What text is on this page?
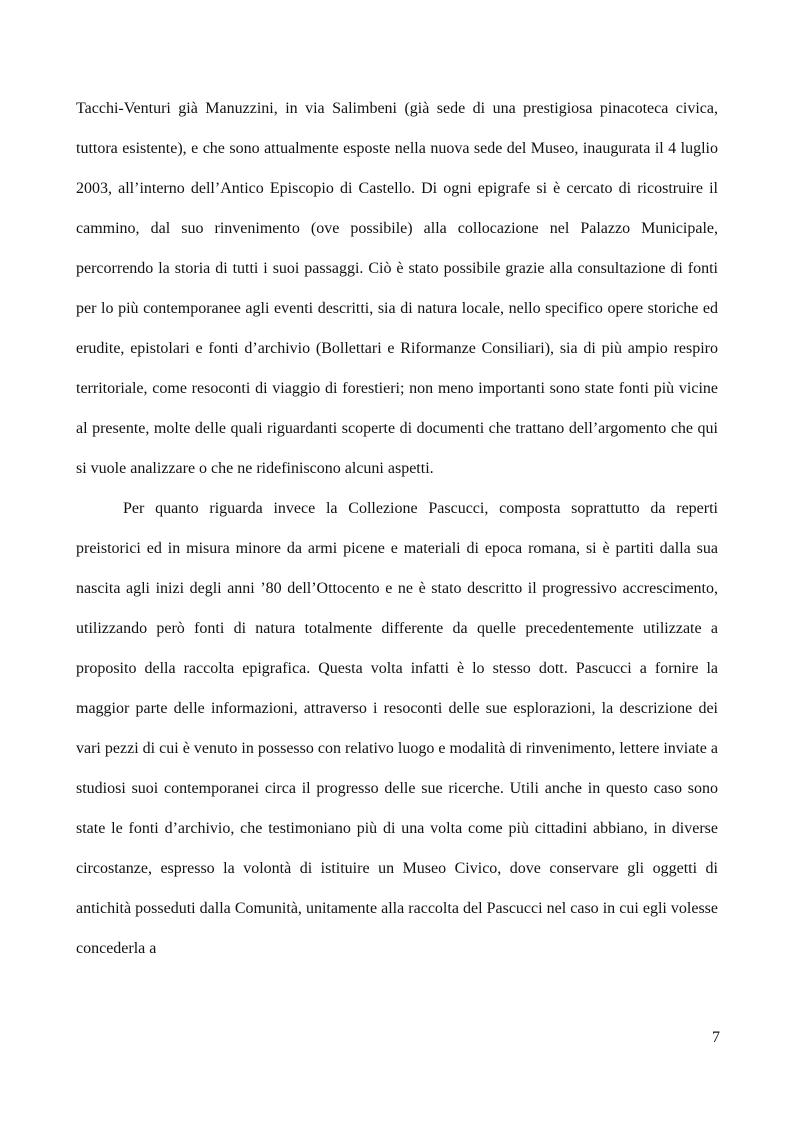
Tacchi-Venturi già Manuzzini, in via Salimbeni (già sede di una prestigiosa pinacoteca civica, tuttora esistente), e che sono attualmente esposte nella nuova sede del Museo, inaugurata il 4 luglio 2003, all’interno dell’Antico Episcopio di Castello. Di ogni epigrafe si è cercato di ricostruire il cammino, dal suo rinvenimento (ove possibile) alla collocazione nel Palazzo Municipale, percorrendo la storia di tutti i suoi passaggi. Ciò è stato possibile grazie alla consultazione di fonti per lo più contemporanee agli eventi descritti, sia di natura locale, nello specifico opere storiche ed erudite, epistolari e fonti d’archivio (Bollettari e Riformanze Consiliari), sia di più ampio respiro territoriale, come resoconti di viaggio di forestieri; non meno importanti sono state fonti più vicine al presente, molte delle quali riguardanti scoperte di documenti che trattano dell’argomento che qui si vuole analizzare o che ne ridefiniscono alcuni aspetti.

Per quanto riguarda invece la Collezione Pascucci, composta soprattutto da reperti preistorici ed in misura minore da armi picene e materiali di epoca romana, si è partiti dalla sua nascita agli inizi degli anni ’80 dell’Ottocento e ne è stato descritto il progressivo accrescimento, utilizzando però fonti di natura totalmente differente da quelle precedentemente utilizzate a proposito della raccolta epigrafica. Questa volta infatti è lo stesso dott. Pascucci a fornire la maggior parte delle informazioni, attraverso i resoconti delle sue esplorazioni, la descrizione dei vari pezzi di cui è venuto in possesso con relativo luogo e modalità di rinvenimento, lettere inviate a studiosi suoi contemporanei circa il progresso delle sue ricerche. Utili anche in questo caso sono state le fonti d’archivio, che testimoniano più di una volta come più cittadini abbiano, in diverse circostanze, espresso la volontà di istituire un Museo Civico, dove conservare gli oggetti di antichità posseduti dalla Comunità, unitamente alla raccolta del Pascucci nel caso in cui egli volesse concederla a

7
